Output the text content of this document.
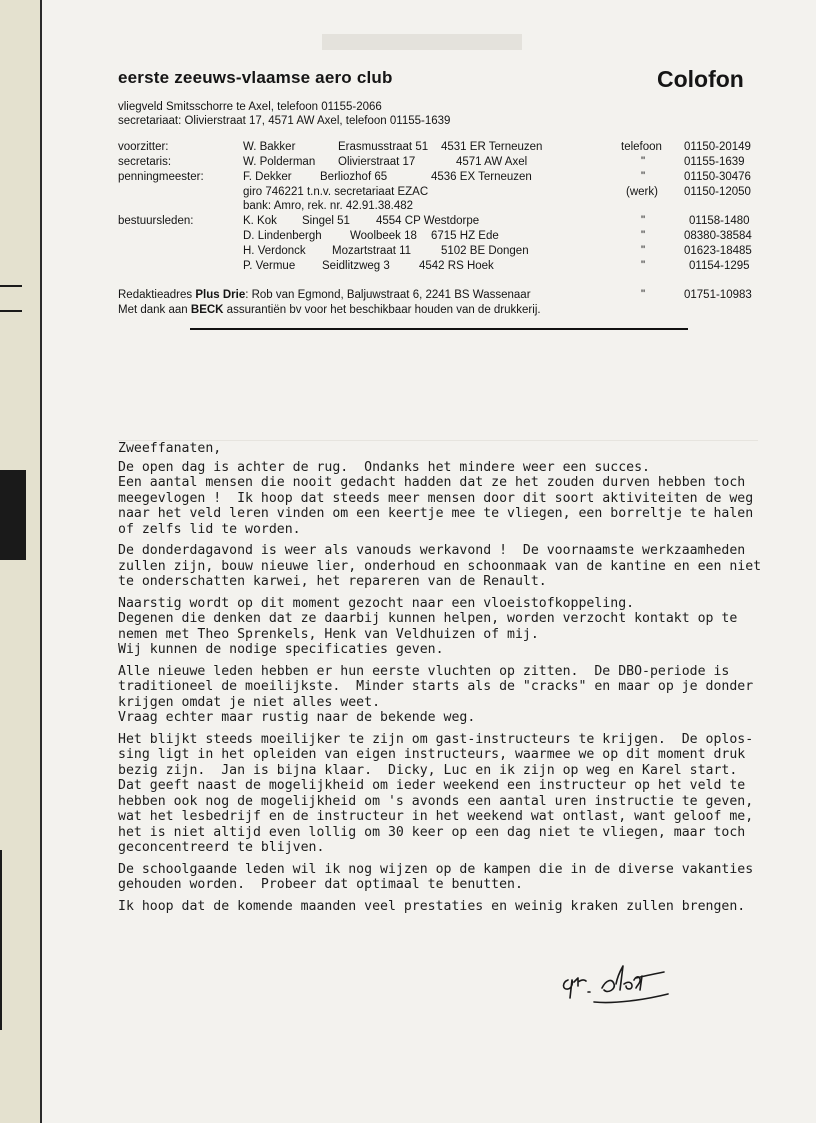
eerste zeeuws-vlaamse aero club	Colofon
vliegveld Smitsschorre te Axel, telefoon 01155-2066
secretariaat: Olivierstraat 17, 4571 AW Axel, telefoon 01155-1639
voorzitter:	W. Bakker	Erasmusstraat 51 4531 ER Terneuzen	telefoon 01150-20149
secretaris:	W. Polderman Olivierstraat 17	4571 AW Axel	"	01155-1639
penningmeester:	F. Dekker Berliozhof 65	4536 EX Terneuzen	"	01150-30476
giro 746221 t.n.v. secretariaat EZAC	(werk) 01150-12050
bank: Amro, rek. nr. 42.91.38.482
bestuursleden:	K. Kok Singel 51 4554 CP Westdorpe	"	01158-1480
D. Lindenbergh Woolbeek 18 6715 HZ Ede	"	08380-38584
H. Verdonck Mozartstraat 11	5102 BE Dongen	"	01623-18485
P. Vermue Seidlitzweg 3	4542 RS Hoek	"	01154-1295
Redaktieadres Plus Drie: Rob van Egmond, Baljuwstraat 6, 2241 BS Wassenaar	"	01751-10983
Met dank aan BECK assurantiën bv voor het beschikbaar houden van de drukkerij.

Zweeffanaten,

De open dag is achter de rug.  Ondanks het mindere weer een succes.
Een aantal mensen die nooit gedacht hadden dat ze het zouden durven hebben toch
meegevlogen !  Ik hoop dat steeds meer mensen door dit soort aktiviteiten de weg
naar het veld leren vinden om een keertje mee te vliegen, een borreltje te halen
of zelfs lid te worden.

De donderdagavond is weer als vanouds werkavond !  De voornaamste werkzaamheden
zullen zijn, bouw nieuwe lier, onderhoud en schoonmaak van de kantine en een niet
te onderschatten karwei, het repareren van de Renault.

Naarstig wordt op dit moment gezocht naar een vloeistofkoppeling.
Degenen die denken dat ze daarbij kunnen helpen, worden verzocht kontakt op te
nemen met Theo Sprenkels, Henk van Veldhuizen of mij.
Wij kunnen de nodige specificaties geven.

Alle nieuwe leden hebben er hun eerste vluchten op zitten.  De DBO-periode is
traditioneel de moeilijkste.  Minder starts als de "cracks" en maar op je donder
krijgen omdat je niet alles weet.
Vraag echter maar rustig naar de bekende weg.

Het blijkt steeds moeilijker te zijn om gast-instructeurs te krijgen.  De oplos-
sing ligt in het opleiden van eigen instructeurs, waarmee we op dit moment druk
bezig zijn.  Jan is bijna klaar.  Dicky, Luc en ik zijn op weg en Karel start.
Dat geeft naast de mogelijkheid om ieder weekend een instructeur op het veld te
hebben ook nog de mogelijkheid om 's avonds een aantal uren instructie te geven,
wat het lesbedrijf en de instructeur in het weekend wat ontlast, want geloof me,
het is niet altijd even lollig om 30 keer op een dag niet te vliegen, maar toch
geconcentreerd te blijven.

De schoolgaande leden wil ik nog wijzen op de kampen die in de diverse vakanties
gehouden worden.  Probeer dat optimaal te benutten.

Ik hoop dat de komende maanden veel prestaties en weinig kraken zullen brengen.
